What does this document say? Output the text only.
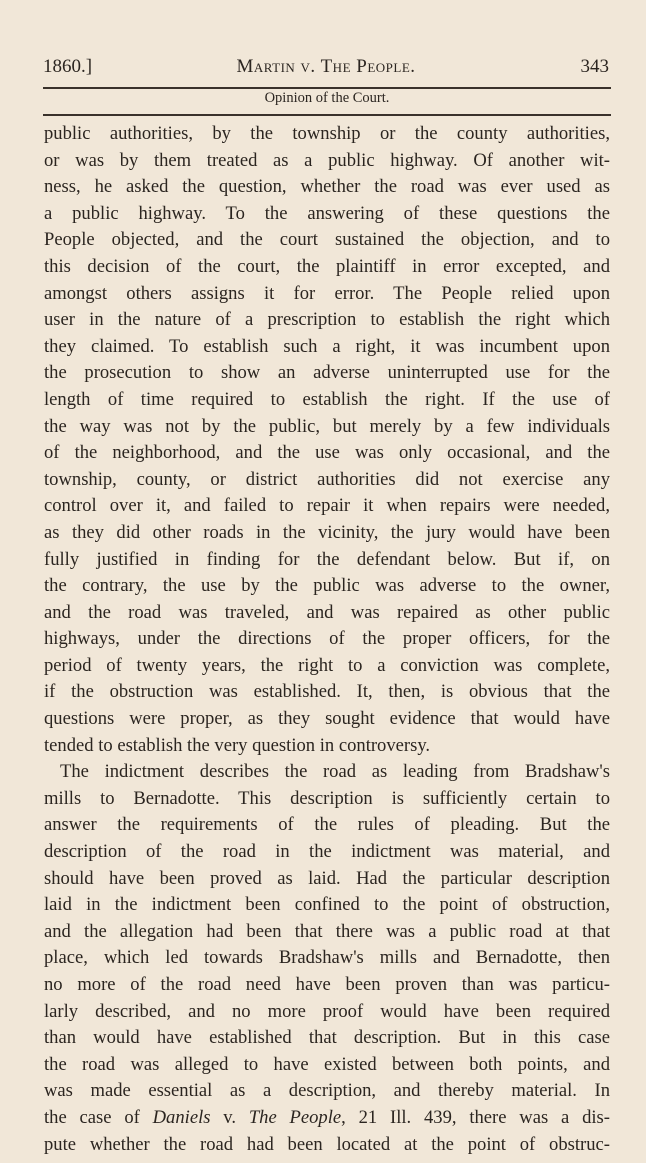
1860.]	Martin v. The People.	343
Opinion of the Court.
public authorities, by the township or the county authorities,
or was by them treated as a public highway. Of another wit-
ness, he asked the question, whether the road was ever used as
a public highway. To the answering of these questions the
People objected, and the court sustained the objection, and to
this decision of the court, the plaintiff in error excepted, and
amongst others assigns it for error. The People relied upon
user in the nature of a prescription to establish the right which
they claimed. To establish such a right, it was incumbent upon
the prosecution to show an adverse uninterrupted use for the
length of time required to establish the right. If the use of
the way was not by the public, but merely by a few individuals
of the neighborhood, and the use was only occasional, and the
township, county, or district authorities did not exercise any
control over it, and failed to repair it when repairs were needed,
as they did other roads in the vicinity, the jury would have been
fully justified in finding for the defendant below. But if, on
the contrary, the use by the public was adverse to the owner,
and the road was traveled, and was repaired as other public
highways, under the directions of the proper officers, for the
period of twenty years, the right to a conviction was complete,
if the obstruction was established. It, then, is obvious that the
questions were proper, as they sought evidence that would have
tended to establish the very question in controversy.
The indictment describes the road as leading from Bradshaw's
mills to Bernadotte. This description is sufficiently certain to
answer the requirements of the rules of pleading. But the
description of the road in the indictment was material, and
should have been proved as laid. Had the particular description
laid in the indictment been confined to the point of obstruction,
and the allegation had been that there was a public road at that
place, which led towards Bradshaw's mills and Bernadotte, then
no more of the road need have been proven than was particu-
larly described, and no more proof would have been required
than would have established that description. But in this case
the road was alleged to have existed between both points, and
was made essential as a description, and thereby material. In
the case of Daniels v. The People, 21 Ill. 439, there was a dis-
pute whether the road had been located at the point of obstruc-
